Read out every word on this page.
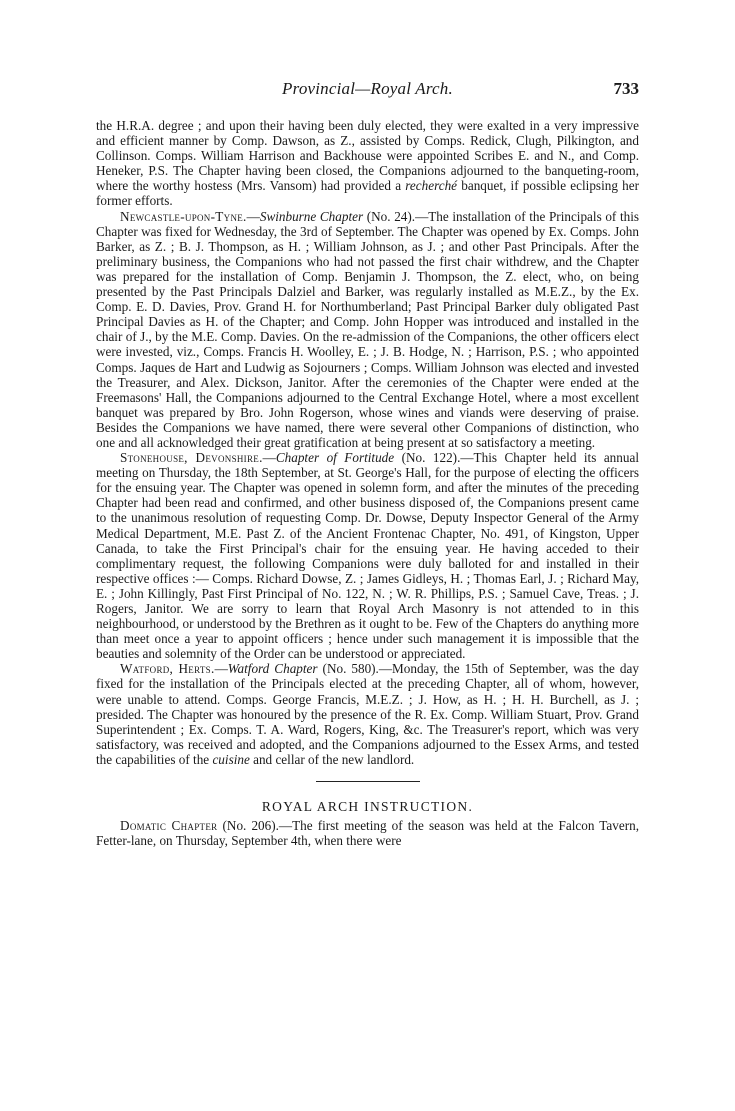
Provincial—Royal Arch.	733

the H.R.A. degree ; and upon their having been duly elected, they were exalted in a very impressive and efficient manner by Comp. Dawson, as Z., assisted by Comps. Redick, Clugh, Pilkington, and Collinson. Comps. William Harrison and Backhouse were appointed Scribes E. and N., and Comp. Heneker, P.S. The Chapter having been closed, the Companions adjourned to the banqueting-room, where the worthy hostess (Mrs. Vansom) had provided a recherché banquet, if possible eclipsing her former efforts.

Newcastle-upon-Tyne.—Swinburne Chapter (No. 24).—The installation of the Principals of this Chapter was fixed for Wednesday, the 3rd of September. The Chapter was opened by Ex. Comps. John Barker, as Z. ; B. J. Thompson, as H. ; William Johnson, as J. ; and other Past Principals. After the preliminary business, the Companions who had not passed the first chair withdrew, and the Chapter was prepared for the installation of Comp. Benjamin J. Thompson, the Z. elect, who, on being presented by the Past Principals Dalziel and Barker, was regularly installed as M.E.Z., by the Ex. Comp. E. D. Davies, Prov. Grand H. for Northumberland; Past Principal Barker duly obligated Past Principal Davies as H. of the Chapter; and Comp. John Hopper was introduced and installed in the chair of J., by the M.E. Comp. Davies. On the re-admission of the Companions, the other officers elect were invested, viz., Comps. Francis H. Woolley, E. ; J. B. Hodge, N. ; Harrison, P.S. ; who appointed Comps. Jaques de Hart and Ludwig as Sojourners ; Comps. William Johnson was elected and invested the Treasurer, and Alex. Dickson, Janitor. After the ceremonies of the Chapter were ended at the Freemasons' Hall, the Companions adjourned to the Central Exchange Hotel, where a most excellent banquet was prepared by Bro. John Rogerson, whose wines and viands were deserving of praise. Besides the Companions we have named, there were several other Companions of distinction, who one and all acknowledged their great gratification at being present at so satisfactory a meeting.

Stonehouse, Devonshire.—Chapter of Fortitude (No. 122).—This Chapter held its annual meeting on Thursday, the 18th September, at St. George's Hall, for the purpose of electing the officers for the ensuing year. The Chapter was opened in solemn form, and after the minutes of the preceding Chapter had been read and confirmed, and other business disposed of, the Companions present came to the unanimous resolution of requesting Comp. Dr. Dowse, Deputy Inspector General of the Army Medical Department, M.E. Past Z. of the Ancient Frontenac Chapter, No. 491, of Kingston, Upper Canada, to take the First Principal's chair for the ensuing year. He having acceded to their complimentary request, the following Companions were duly balloted for and installed in their respective offices :— Comps. Richard Dowse, Z. ; James Gidleys, H. ; Thomas Earl, J. ; Richard May, E. ; John Killingly, Past First Principal of No. 122, N. ; W. R. Phillips, P.S. ; Samuel Cave, Treas. ; J. Rogers, Janitor. We are sorry to learn that Royal Arch Masonry is not attended to in this neighbourhood, or understood by the Brethren as it ought to be. Few of the Chapters do anything more than meet once a year to appoint officers ; hence under such management it is impossible that the beauties and solemnity of the Order can be understood or appreciated.

Watford, Herts.—Watford Chapter (No. 580).—Monday, the 15th of September, was the day fixed for the installation of the Principals elected at the preceding Chapter, all of whom, however, were unable to attend. Comps. George Francis, M.E.Z. ; J. How, as H. ; H. H. Burchell, as J. ; presided. The Chapter was honoured by the presence of the R. Ex. Comp. William Stuart, Prov. Grand Superintendent ; Ex. Comps. T. A. Ward, Rogers, King, &c. The Treasurer's report, which was very satisfactory, was received and adopted, and the Companions adjourned to the Essex Arms, and tested the capabilities of the cuisine and cellar of the new landlord.

ROYAL ARCH INSTRUCTION.

Domatic Chapter (No. 206).—The first meeting of the season was held at the Falcon Tavern, Fetter-lane, on Thursday, September 4th, when there were
